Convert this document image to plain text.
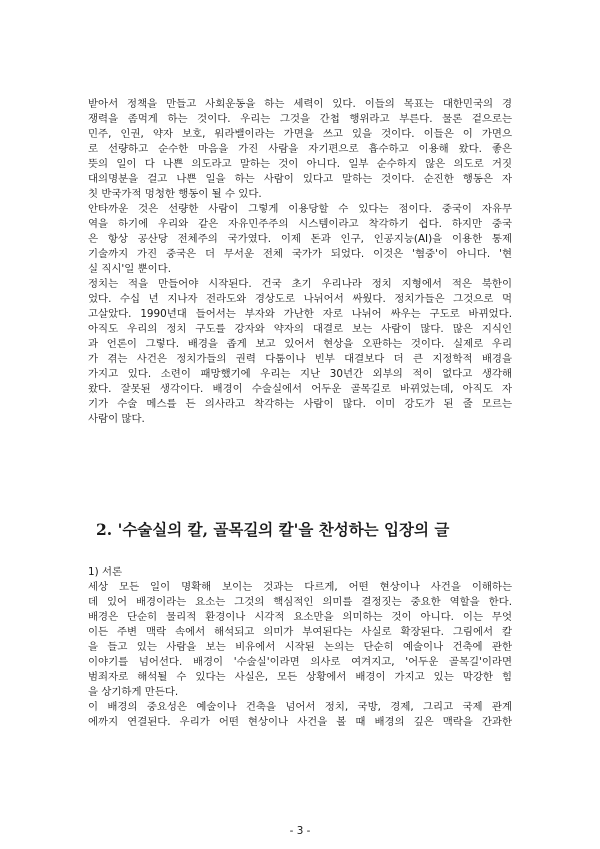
받아서 정책을 만들고 사회운동을 하는 세력이 있다. 이들의 목표는 대한민국의 경
쟁력을 좀먹게 하는 것이다. 우리는 그것을 간첩 행위라고 부른다. 물론 겉으로는
민주, 인권, 약자 보호, 워라밸이라는 가면을 쓰고 있을 것이다. 이들은 이 가면으
로 선량하고 순수한 마음을 가진 사람을 자기편으로 흡수하고 이용해 왔다. 좋은
뜻의 일이 다 나쁜 의도라고 말하는 것이 아니다. 일부 순수하지 않은 의도로 거짓
대의명분을 걸고 나쁜 일을 하는 사람이 있다고 말하는 것이다. 순진한 행동은 자
칫 반국가적 멍청한 행동이 될 수 있다.
안타까운 것은 선량한 사람이 그렇게 이용당할 수 있다는 점이다. 중국이 자유무
역을 하기에 우리와 같은 자유민주주의 시스템이라고 착각하기 쉽다. 하지만 중국
은 항상 공산당 전체주의 국가였다. 이제 돈과 인구, 인공지능(AI)을 이용한 통제
기술까지 가진 중국은 더 무서운 전체 국가가 되었다. 이것은 '혐중'이 아니다. '현
실 직시'일 뿐이다.
정치는 적을 만들어야 시작된다. 건국 초기 우리나라 정치 지형에서 적은 북한이
었다. 수십 년 지나자 전라도와 경상도로 나뉘어서 싸웠다. 정치가들은 그것으로 먹
고살았다. 1990년대 들어서는 부자와 가난한 자로 나뉘어 싸우는 구도로 바뀌었다.
아직도 우리의 정치 구도를 강자와 약자의 대결로 보는 사람이 많다. 많은 지식인
과 언론이 그렇다. 배경을 좁게 보고 있어서 현상을 오판하는 것이다. 실제로 우리
가 겪는 사건은 정치가들의 권력 다툼이나 빈부 대결보다 더 큰 지정학적 배경을
가지고 있다. 소련이 패망했기에 우리는 지난 30년간 외부의 적이 없다고 생각해
왔다. 잘못된 생각이다. 배경이 수술실에서 어두운 골목길로 바뀌었는데, 아직도 자
기가 수술 메스를 든 의사라고 착각하는 사람이 많다. 이미 강도가 된 줄 모르는
사람이 많다.
2. '수술실의 칼, 골목길의 칼'을 찬성하는 입장의 글
1) 서론
세상 모든 일이 명확해 보이는 것과는 다르게, 어떤 현상이나 사건을 이해하는
데 있어 배경이라는 요소는 그것의 핵심적인 의미를 결정짓는 중요한 역할을 한다.
배경은 단순히 물리적 환경이나 시각적 요소만을 의미하는 것이 아니다. 이는 무엇
이든 주변 맥락 속에서 해석되고 의미가 부여된다는 사실로 확장된다. 그림에서 칼
을 들고 있는 사람을 보는 비유에서 시작된 논의는 단순히 예술이나 건축에 관한
이야기를 넘어선다. 배경이 '수술실'이라면 의사로 여겨지고, '어두운 골목길'이라면
범죄자로 해석될 수 있다는 사실은, 모든 상황에서 배경이 가지고 있는 막강한 힘
을 상기하게 만든다.
이 배경의 중요성은 예술이나 건축을 넘어서 정치, 국방, 경제, 그리고 국제 관계
에까지 연결된다. 우리가 어떤 현상이나 사건을 볼 때 배경의 깊은 맥락을 간과한
- 3 -
